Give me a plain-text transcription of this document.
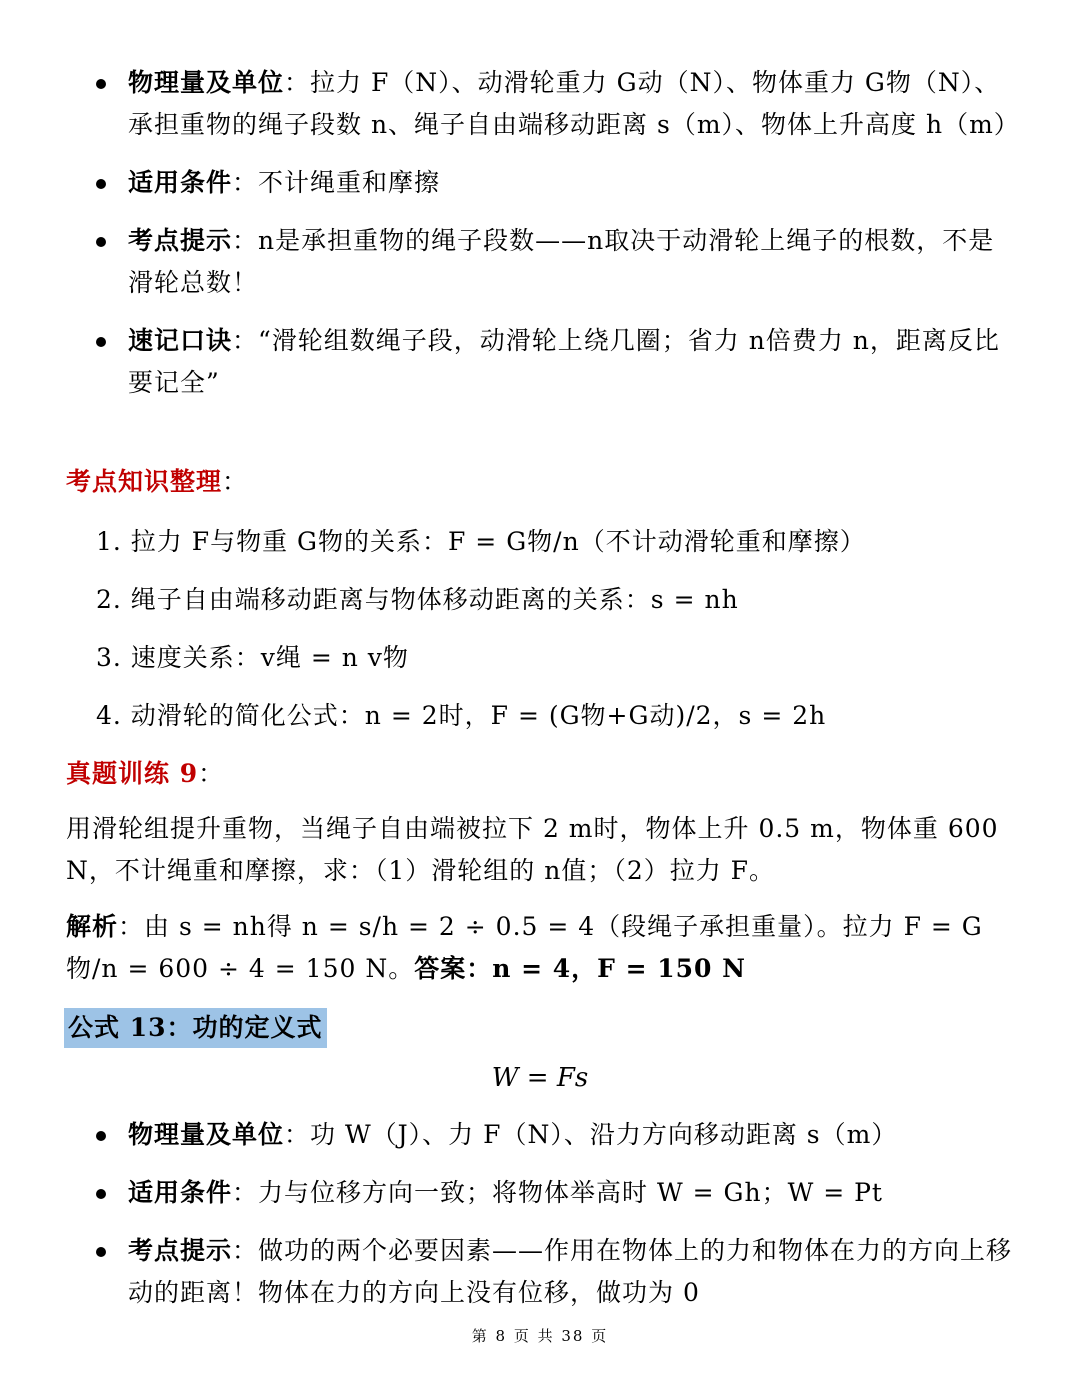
物理量及单位：拉力 F（N）、动滑轮重力 G动（N）、物体重力 G物（N）、承担重物的绳子段数 n、绳子自由端移动距离 s（m）、物体上升高度 h（m）
适用条件：不计绳重和摩擦
考点提示：n是承担重物的绳子段数——n取决于动滑轮上绳子的根数，不是滑轮总数！
速记口诀：“滑轮组数绳子段，动滑轮上绕几圈；省力 n倍费力 n，距离反比要记全”
考点知识整理：
1. 拉力 F与物重 G物的关系：F = G物/n（不计动滑轮重和摩擦）
2. 绳子自由端移动距离与物体移动距离的关系：s = nh
3. 速度关系：v绳 = n v物
4. 动滑轮的简化公式：n = 2时，F = (G物+G动)/2，s = 2h
真题训练 9：
用滑轮组提升重物，当绳子自由端被拉下 2 m时，物体上升 0.5 m，物体重 600 N，不计绳重和摩擦，求：（1）滑轮组的 n值；（2）拉力 F。
解析：由 s = nh得 n = s/h = 2 ÷ 0.5 = 4（段绳子承担重量）。拉力 F = G物/n = 600 ÷ 4 = 150 N。答案：n = 4，F = 150 N
公式 13：功的定义式
W = Fs
物理量及单位：功 W（J）、力 F（N）、沿力方向移动距离 s（m）
适用条件：力与位移方向一致；将物体举高时 W = Gh；W = Pt
考点提示：做功的两个必要因素——作用在物体上的力和物体在力的方向上移动的距离！物体在力的方向上没有位移，做功为 0
第 8 页 共 38 页
